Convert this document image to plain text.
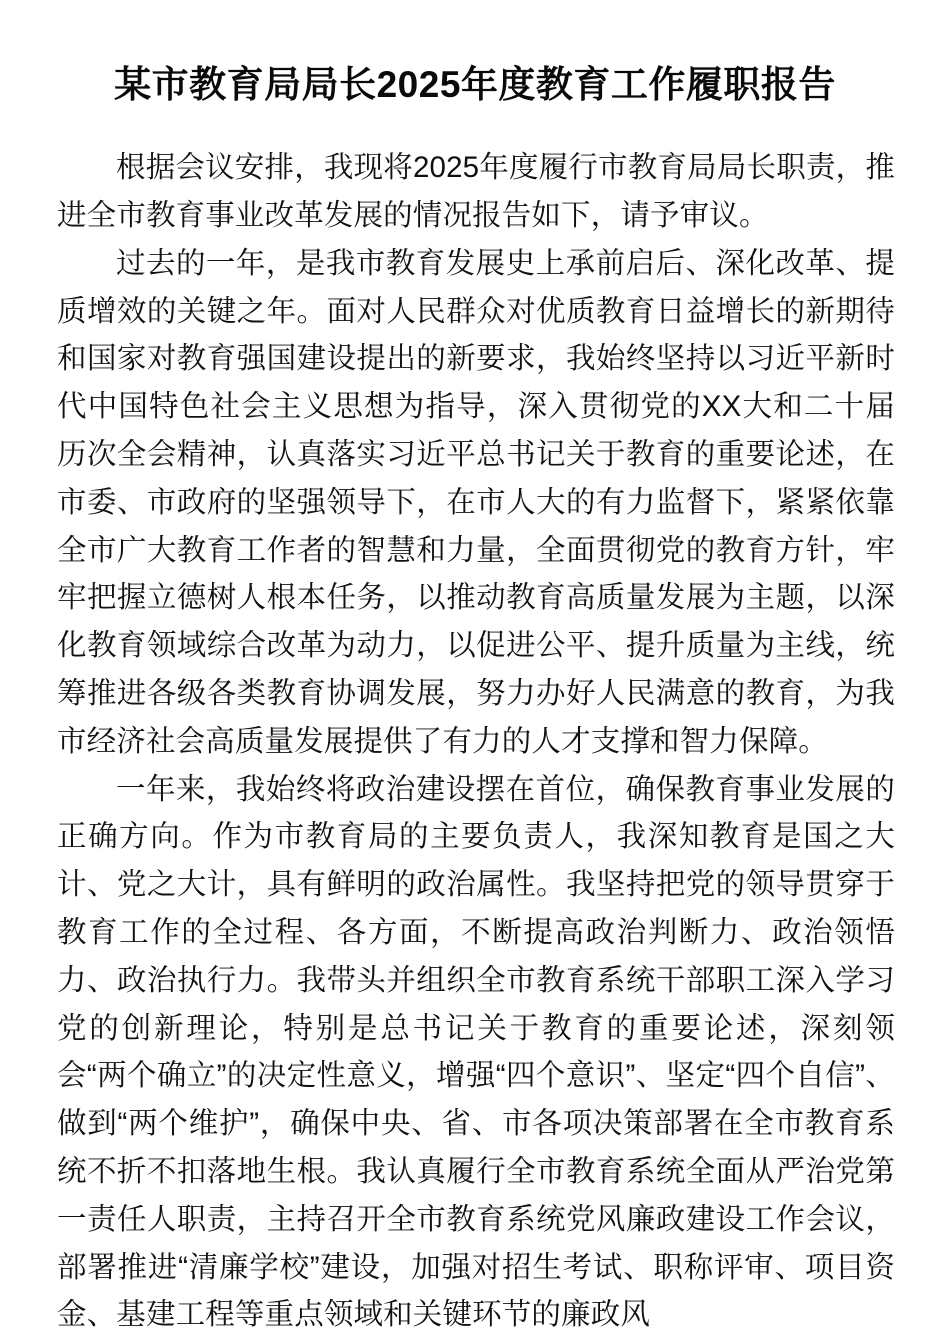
某市教育局局长2025年度教育工作履职报告

根据会议安排，我现将2025年度履行市教育局局长职责，推进全市教育事业改革发展的情况报告如下，请予审议。

过去的一年，是我市教育发展史上承前启后、深化改革、提质增效的关键之年。面对人民群众对优质教育日益增长的新期待和国家对教育强国建设提出的新要求，我始终坚持以习近平新时代中国特色社会主义思想为指导，深入贯彻党的XX大和二十届历次全会精神，认真落实习近平总书记关于教育的重要论述，在市委、市政府的坚强领导下，在市人大的有力监督下，紧紧依靠全市广大教育工作者的智慧和力量，全面贯彻党的教育方针，牢牢把握立德树人根本任务，以推动教育高质量发展为主题，以深化教育领域综合改革为动力，以促进公平、提升质量为主线，统筹推进各级各类教育协调发展，努力办好人民满意的教育，为我市经济社会高质量发展提供了有力的人才支撑和智力保障。

一年来，我始终将政治建设摆在首位，确保教育事业发展的正确方向。作为市教育局的主要负责人，我深知教育是国之大计、党之大计，具有鲜明的政治属性。我坚持把党的领导贯穿于教育工作的全过程、各方面，不断提高政治判断力、政治领悟力、政治执行力。我带头并组织全市教育系统干部职工深入学习党的创新理论，特别是总书记关于教育的重要论述，深刻领会“两个确立”的决定性意义，增强“四个意识”、坚定“四个自信”、做到“两个维护”，确保中央、省、市各项决策部署在全市教育系统不折不扣落地生根。我认真履行全市教育系统全面从严治党第一责任人职责，主持召开全市教育系统党风廉政建设工作会议，部署推进“清廉学校”建设，加强对招生考试、职称评审、项目资金、基建工程等重点领域和关键环节的廉政风
